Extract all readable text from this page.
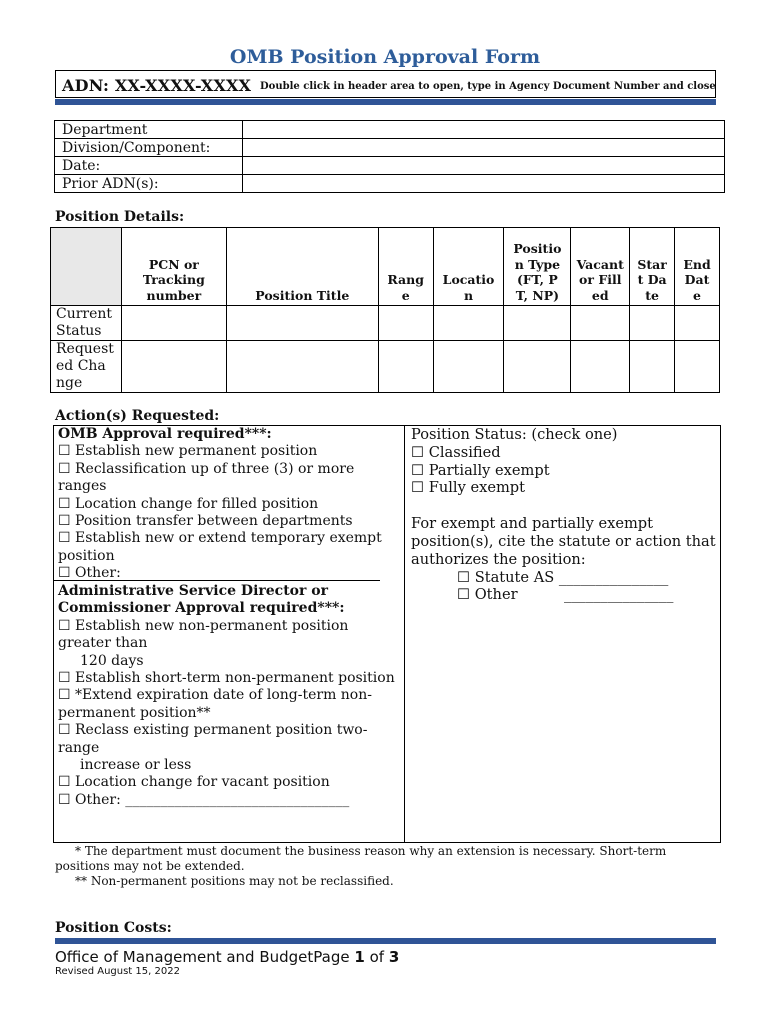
OMB Position Approval Form
ADN: XX-XXXX-XXXX Double click in header area to open, type in Agency Document Number and close
Department	
Division/Component:	
Date:	
Prior ADN(s):	
Position Details:

	PCN or Tracking number	Position Title	Range	Location	Position Type (FT, PT, NP)	Vacant or Filled	Start Date	End Date

Current Status								

Requested Change								

Action(s) Requested:
OMB Approval required***:
☐ Establish new permanent position
☐ Reclassification up of three (3) or more ranges
☐ Location change for filled position
☐ Position transfer between departments
☐ Establish new or extend temporary exempt position
☐ Other:
Administrative Service Director or Commissioner Approval required***:
☐ Establish new non-permanent position greater than
120 days
☐ Establish short-term non-permanent position
☐ *Extend expiration date of long-term non-permanent position**
☐ Reclass existing permanent position two-range
increase or less
☐ Location change for vacant position
☐ Other: ________________________________
Position Status: (check one)
☐ Classified
☐ Partially exempt
☐ Fully exempt
For exempt and partially exempt position(s), cite the statute or action that authorizes the position:
☐ Statute AS _______________
☐ Other          _______________
* The department must document the business reason why an extension is necessary. Short-term positions may not be extended.
** Non-permanent positions may not be reclassified.
Position Costs:
Office of Management and BudgetPage 1 of 3
Revised August 15, 2022
